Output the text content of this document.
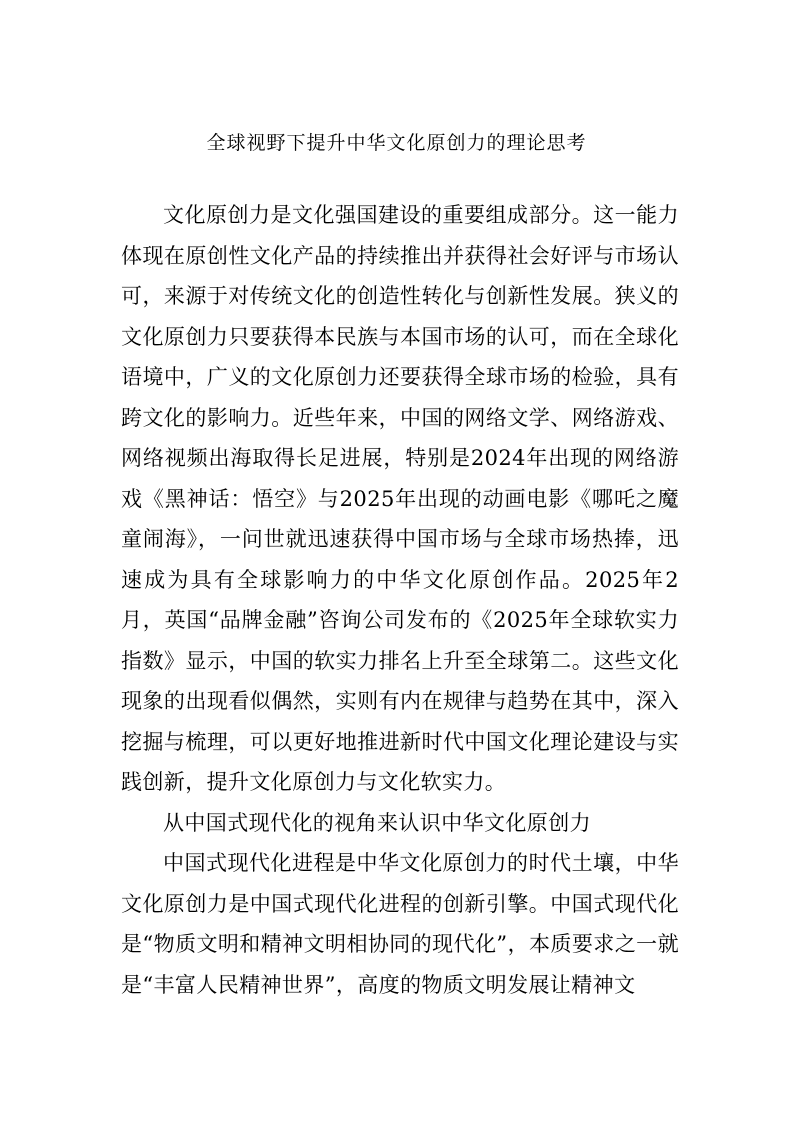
全球视野下提升中华文化原创力的理论思考

文化原创力是文化强国建设的重要组成部分。这一能力体现在原创性文化产品的持续推出并获得社会好评与市场认可，来源于对传统文化的创造性转化与创新性发展。狭义的文化原创力只要获得本民族与本国市场的认可，而在全球化语境中，广义的文化原创力还要获得全球市场的检验，具有跨文化的影响力。近些年来，中国的网络文学、网络游戏、网络视频出海取得长足进展，特别是2024年出现的网络游戏《黑神话：悟空》与2025年出现的动画电影《哪吒之魔童闹海》，一问世就迅速获得中国市场与全球市场热捧，迅速成为具有全球影响力的中华文化原创作品。2025年2月，英国“品牌金融”咨询公司发布的《2025年全球软实力指数》显示，中国的软实力排名上升至全球第二。这些文化现象的出现看似偶然，实则有内在规律与趋势在其中，深入挖掘与梳理，可以更好地推进新时代中国文化理论建设与实践创新，提升文化原创力与文化软实力。

从中国式现代化的视角来认识中华文化原创力

中国式现代化进程是中华文化原创力的时代土壤，中华文化原创力是中国式现代化进程的创新引擎。中国式现代化是“物质文明和精神文明相协同的现代化”，本质要求之一就是“丰富人民精神世界”，高度的物质文明发展让精神文
